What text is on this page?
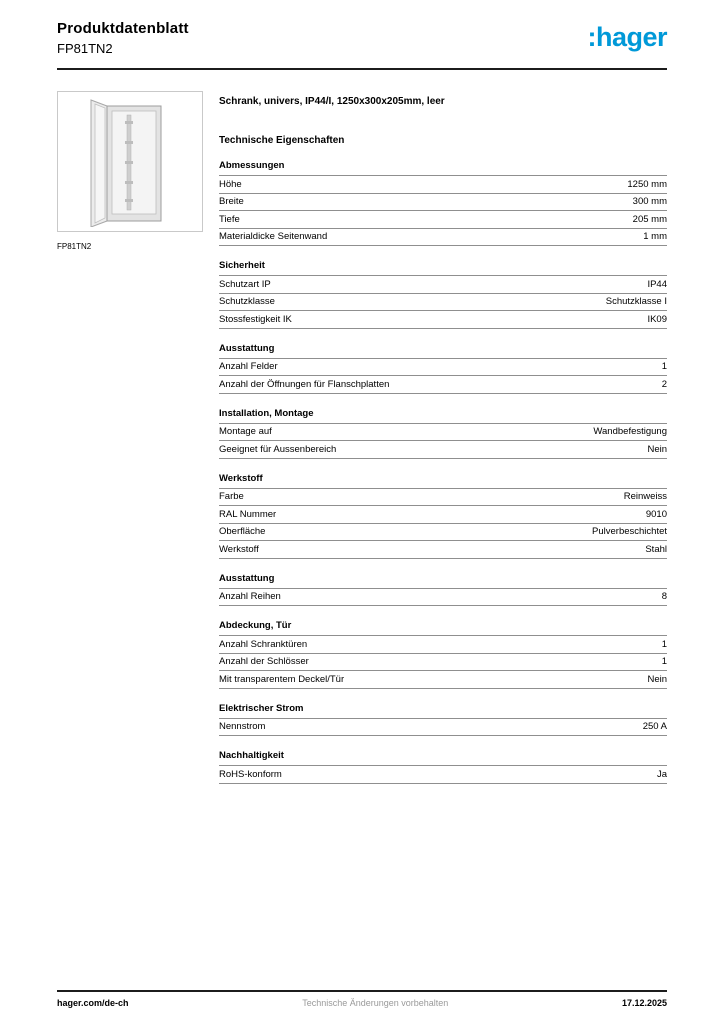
Produktdatenblatt
FP81TN2	:hager
FP81TN2
Schrank, univers, IP44/I, 1250x300x205mm, leer
Technische Eigenschaften
Abmessungen
Höhe	1250 mm
Breite	300 mm
Tiefe	205 mm
Materialdicke Seitenwand	1 mm
Sicherheit
Schutzart IP	IP44
Schutzklasse	Schutzklasse I
Stossfestigkeit IK	IK09
Ausstattung
Anzahl Felder	1
Anzahl der Öffnungen für Flanschplatten	2
Installation, Montage
Montage auf	Wandbefestigung
Geeignet für Aussenbereich	Nein
Werkstoff
Farbe	Reinweiss
RAL Nummer	9010
Oberfläche	Pulverbeschichtet
Werkstoff	Stahl
Ausstattung
Anzahl Reihen	8
Abdeckung, Tür
Anzahl Schranktüren	1
Anzahl der Schlösser	1
Mit transparentem Deckel/Tür	Nein
Elektrischer Strom
Nennstrom	250 A
Nachhaltigkeit
RoHS-konform	Ja
hager.com/de-ch	Technische Änderungen vorbehalten	17.12.2025
